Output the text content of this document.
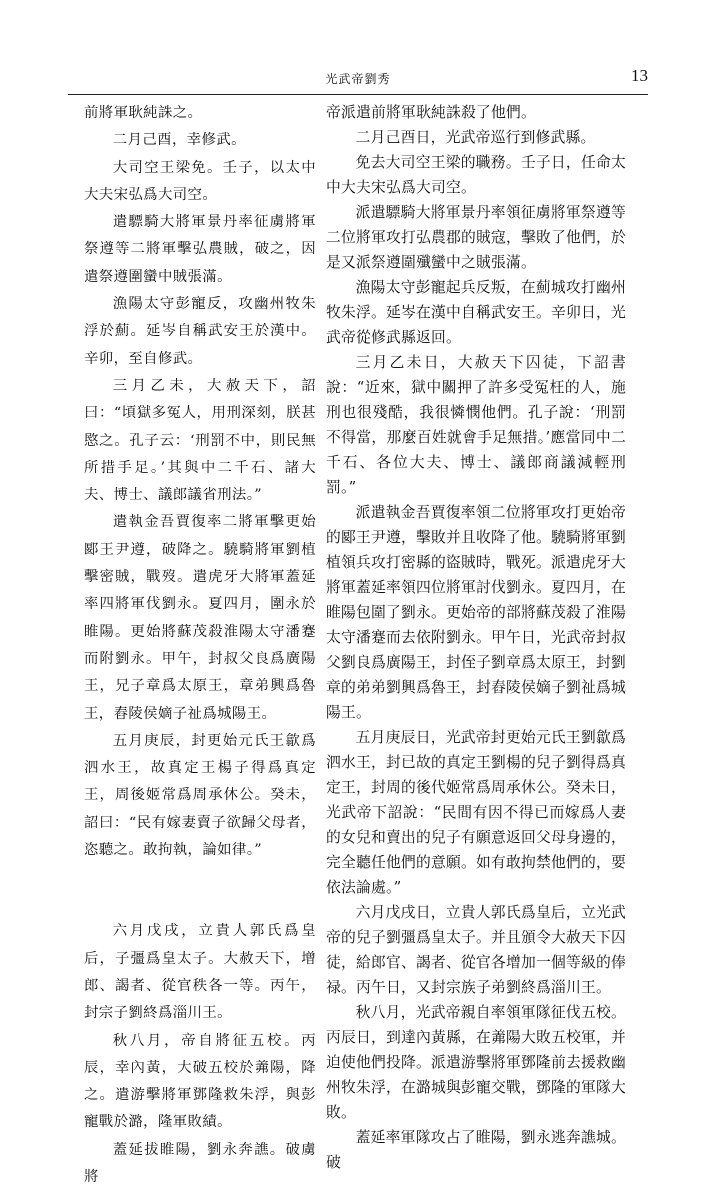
光武帝劉秀	13

前將軍耿純誅之。

二月己酉，幸修武。

大司空王梁免。壬子，以太中大夫宋弘爲大司空。

遣驃騎大將軍景丹率征虜將軍祭遵等二將軍擊弘農賊，破之，因遣祭遵圍蠻中賊張滿。

漁陽太守彭寵反，攻幽州牧朱浮於薊。延岑自稱武安王於漢中。辛卯，至自修武。

三月乙未，大赦天下，詔曰：“頃獄多冤人，用刑深刻，朕甚愍之。孔子云：‘刑罰不中，則民無所措手足。’其與中二千石、諸大夫、博士、議郎議省刑法。”

遣執金吾賈復率二將軍擊更始郾王尹遵，破降之。驍騎將軍劉植擊密賊，戰歿。遣虎牙大將軍蓋延率四將軍伐劉永。夏四月，圍永於睢陽。更始將蘇茂殺淮陽太守潘蹇而附劉永。甲午，封叔父良爲廣陽王，兄子章爲太原王，章弟興爲魯王，舂陵侯嫡子祉爲城陽王。

五月庚辰，封更始元氏王歙爲泗水王，故真定王楊子得爲真定王，周後姬常爲周承休公。癸未，詔曰：“民有嫁妻賣子欲歸父母者，恣聽之。敢拘執，論如律。”

六月戊戌，立貴人郭氏爲皇后，子彊爲皇太子。大赦天下，增郎、謁者、從官秩各一等。丙午，封宗子劉終爲淄川王。

秋八月，帝自將征五校。丙辰，幸內黃，大破五校於羛陽，降之。遣游擊將軍鄧隆救朱浮，與彭寵戰於潞，隆軍敗績。

蓋延拔睢陽，劉永奔譙。破虜將

帝派遣前將軍耿純誅殺了他們。

二月己酉日，光武帝巡行到修武縣。

免去大司空王梁的職務。壬子日，任命太中大夫宋弘爲大司空。

派遣驃騎大將軍景丹率領征虜將軍祭遵等二位將軍攻打弘農郡的賊寇，擊敗了他們，於是又派祭遵圍殲蠻中之賊張滿。

漁陽太守彭寵起兵反叛，在薊城攻打幽州牧朱浮。延岑在漢中自稱武安王。辛卯日，光武帝從修武縣返回。

三月乙未日，大赦天下囚徒，下詔書說：“近來，獄中關押了許多受冤枉的人，施刑也很殘酷，我很憐憫他們。孔子說：‘刑罰不得當，那麼百姓就會手足無措。’應當同中二千石、各位大夫、博士、議郎商議減輕刑罰。”

派遣執金吾賈復率領二位將軍攻打更始帝的郾王尹遵，擊敗并且收降了他。驍騎將軍劉植領兵攻打密縣的盜賊時，戰死。派遣虎牙大將軍蓋延率領四位將軍討伐劉永。夏四月，在睢陽包圍了劉永。更始帝的部將蘇茂殺了淮陽太守潘蹇而去依附劉永。甲午日，光武帝封叔父劉良爲廣陽王，封侄子劉章爲太原王，封劉章的弟弟劉興爲魯王，封舂陵侯嫡子劉祉爲城陽王。

五月庚辰日，光武帝封更始元氏王劉歙爲泗水王，封已故的真定王劉楊的兒子劉得爲真定王，封周的後代姬常爲周承休公。癸未日，光武帝下詔說：“民間有因不得已而嫁爲人妻的女兒和賣出的兒子有願意返回父母身邊的，完全聽任他們的意願。如有敢拘禁他們的，要依法論處。”

六月戊戌日，立貴人郭氏爲皇后，立光武帝的兒子劉彊爲皇太子。并且頒令大赦天下囚徒，給郎官、謁者、從官各增加一個等級的俸禄。丙午日，又封宗族子弟劉終爲淄川王。

秋八月，光武帝親自率領軍隊征伐五校。丙辰日，到達內黃縣，在羛陽大敗五校軍，并迫使他們投降。派遣游擊將軍鄧隆前去援救幽州牧朱浮，在潞城與彭寵交戰，鄧隆的軍隊大敗。

蓋延率軍隊攻占了睢陽，劉永逃奔譙城。破
